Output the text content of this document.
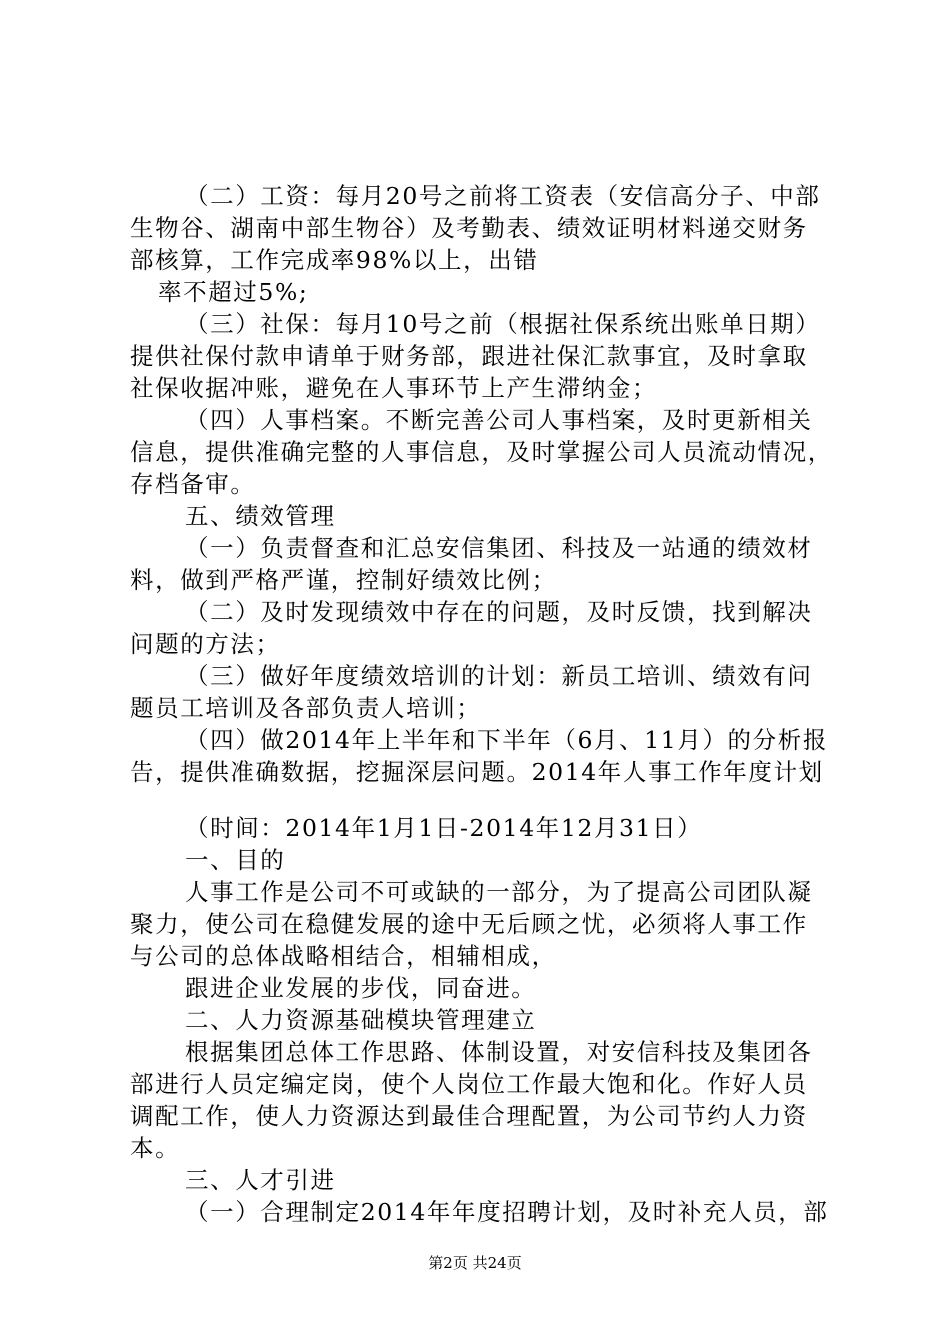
（二）工资：每月20号之前将工资表（安信高分子、中部
生物谷、湖南中部生物谷）及考勤表、绩效证明材料递交财务
部核算，工作完成率98%以上，出错
率不超过5%;
（三）社保：每月10号之前（根据社保系统出账单日期）
提供社保付款申请单于财务部，跟进社保汇款事宜，及时拿取
社保收据冲账，避免在人事环节上产生滞纳金；
（四）人事档案。不断完善公司人事档案，及时更新相关
信息，提供准确完整的人事信息，及时掌握公司人员流动情况，
存档备审。
五、绩效管理
（一）负责督查和汇总安信集团、科技及一站通的绩效材
料，做到严格严谨，控制好绩效比例；
（二）及时发现绩效中存在的问题，及时反馈，找到解决
问题的方法；
（三）做好年度绩效培训的计划：新员工培训、绩效有问
题员工培训及各部负责人培训；
（四）做2014年上半年和下半年（6月、11月）的分析报
告，提供准确数据，挖掘深层问题。2014年人事工作年度计划
（时间：2014年1月1日-2014年12月31日）
一、目的
人事工作是公司不可或缺的一部分，为了提高公司团队凝
聚力，使公司在稳健发展的途中无后顾之忧，必须将人事工作
与公司的总体战略相结合，相辅相成，
跟进企业发展的步伐，同奋进。
二、人力资源基础模块管理建立
根据集团总体工作思路、体制设置，对安信科技及集团各
部进行人员定编定岗，使个人岗位工作最大饱和化。作好人员
调配工作，使人力资源达到最佳合理配置，为公司节约人力资
本。
三、人才引进
（一）合理制定2014年年度招聘计划，及时补充人员，部
第2页 共24页
